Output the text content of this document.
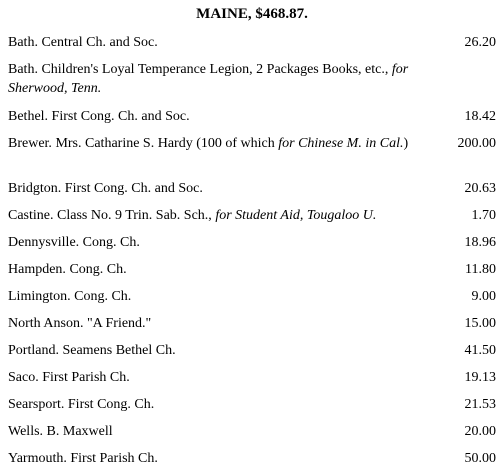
MAINE, $468.87.
Bath. Central Ch. and Soc.	26.20
Bath. Children's Loyal Temperance Legion, 2 Packages Books, etc., for Sherwood, Tenn.
Bethel. First Cong. Ch. and Soc.	18.42
Brewer. Mrs. Catharine S. Hardy (100 of which for Chinese M. in Cal.)	200.00
Bridgton. First Cong. Ch. and Soc.	20.63
Castine. Class No. 9 Trin. Sab. Sch., for Student Aid, Tougaloo U.	1.70
Dennysville. Cong. Ch.	18.96
Hampden. Cong. Ch.	11.80
Limington. Cong. Ch.	9.00
North Anson. "A Friend."	15.00
Portland. Seamens Bethel Ch.	41.50
Saco. First Parish Ch.	19.13
Searsport. First Cong. Ch.	21.53
Wells. B. Maxwell	20.00
Yarmouth. First Parish Ch.	50.00
